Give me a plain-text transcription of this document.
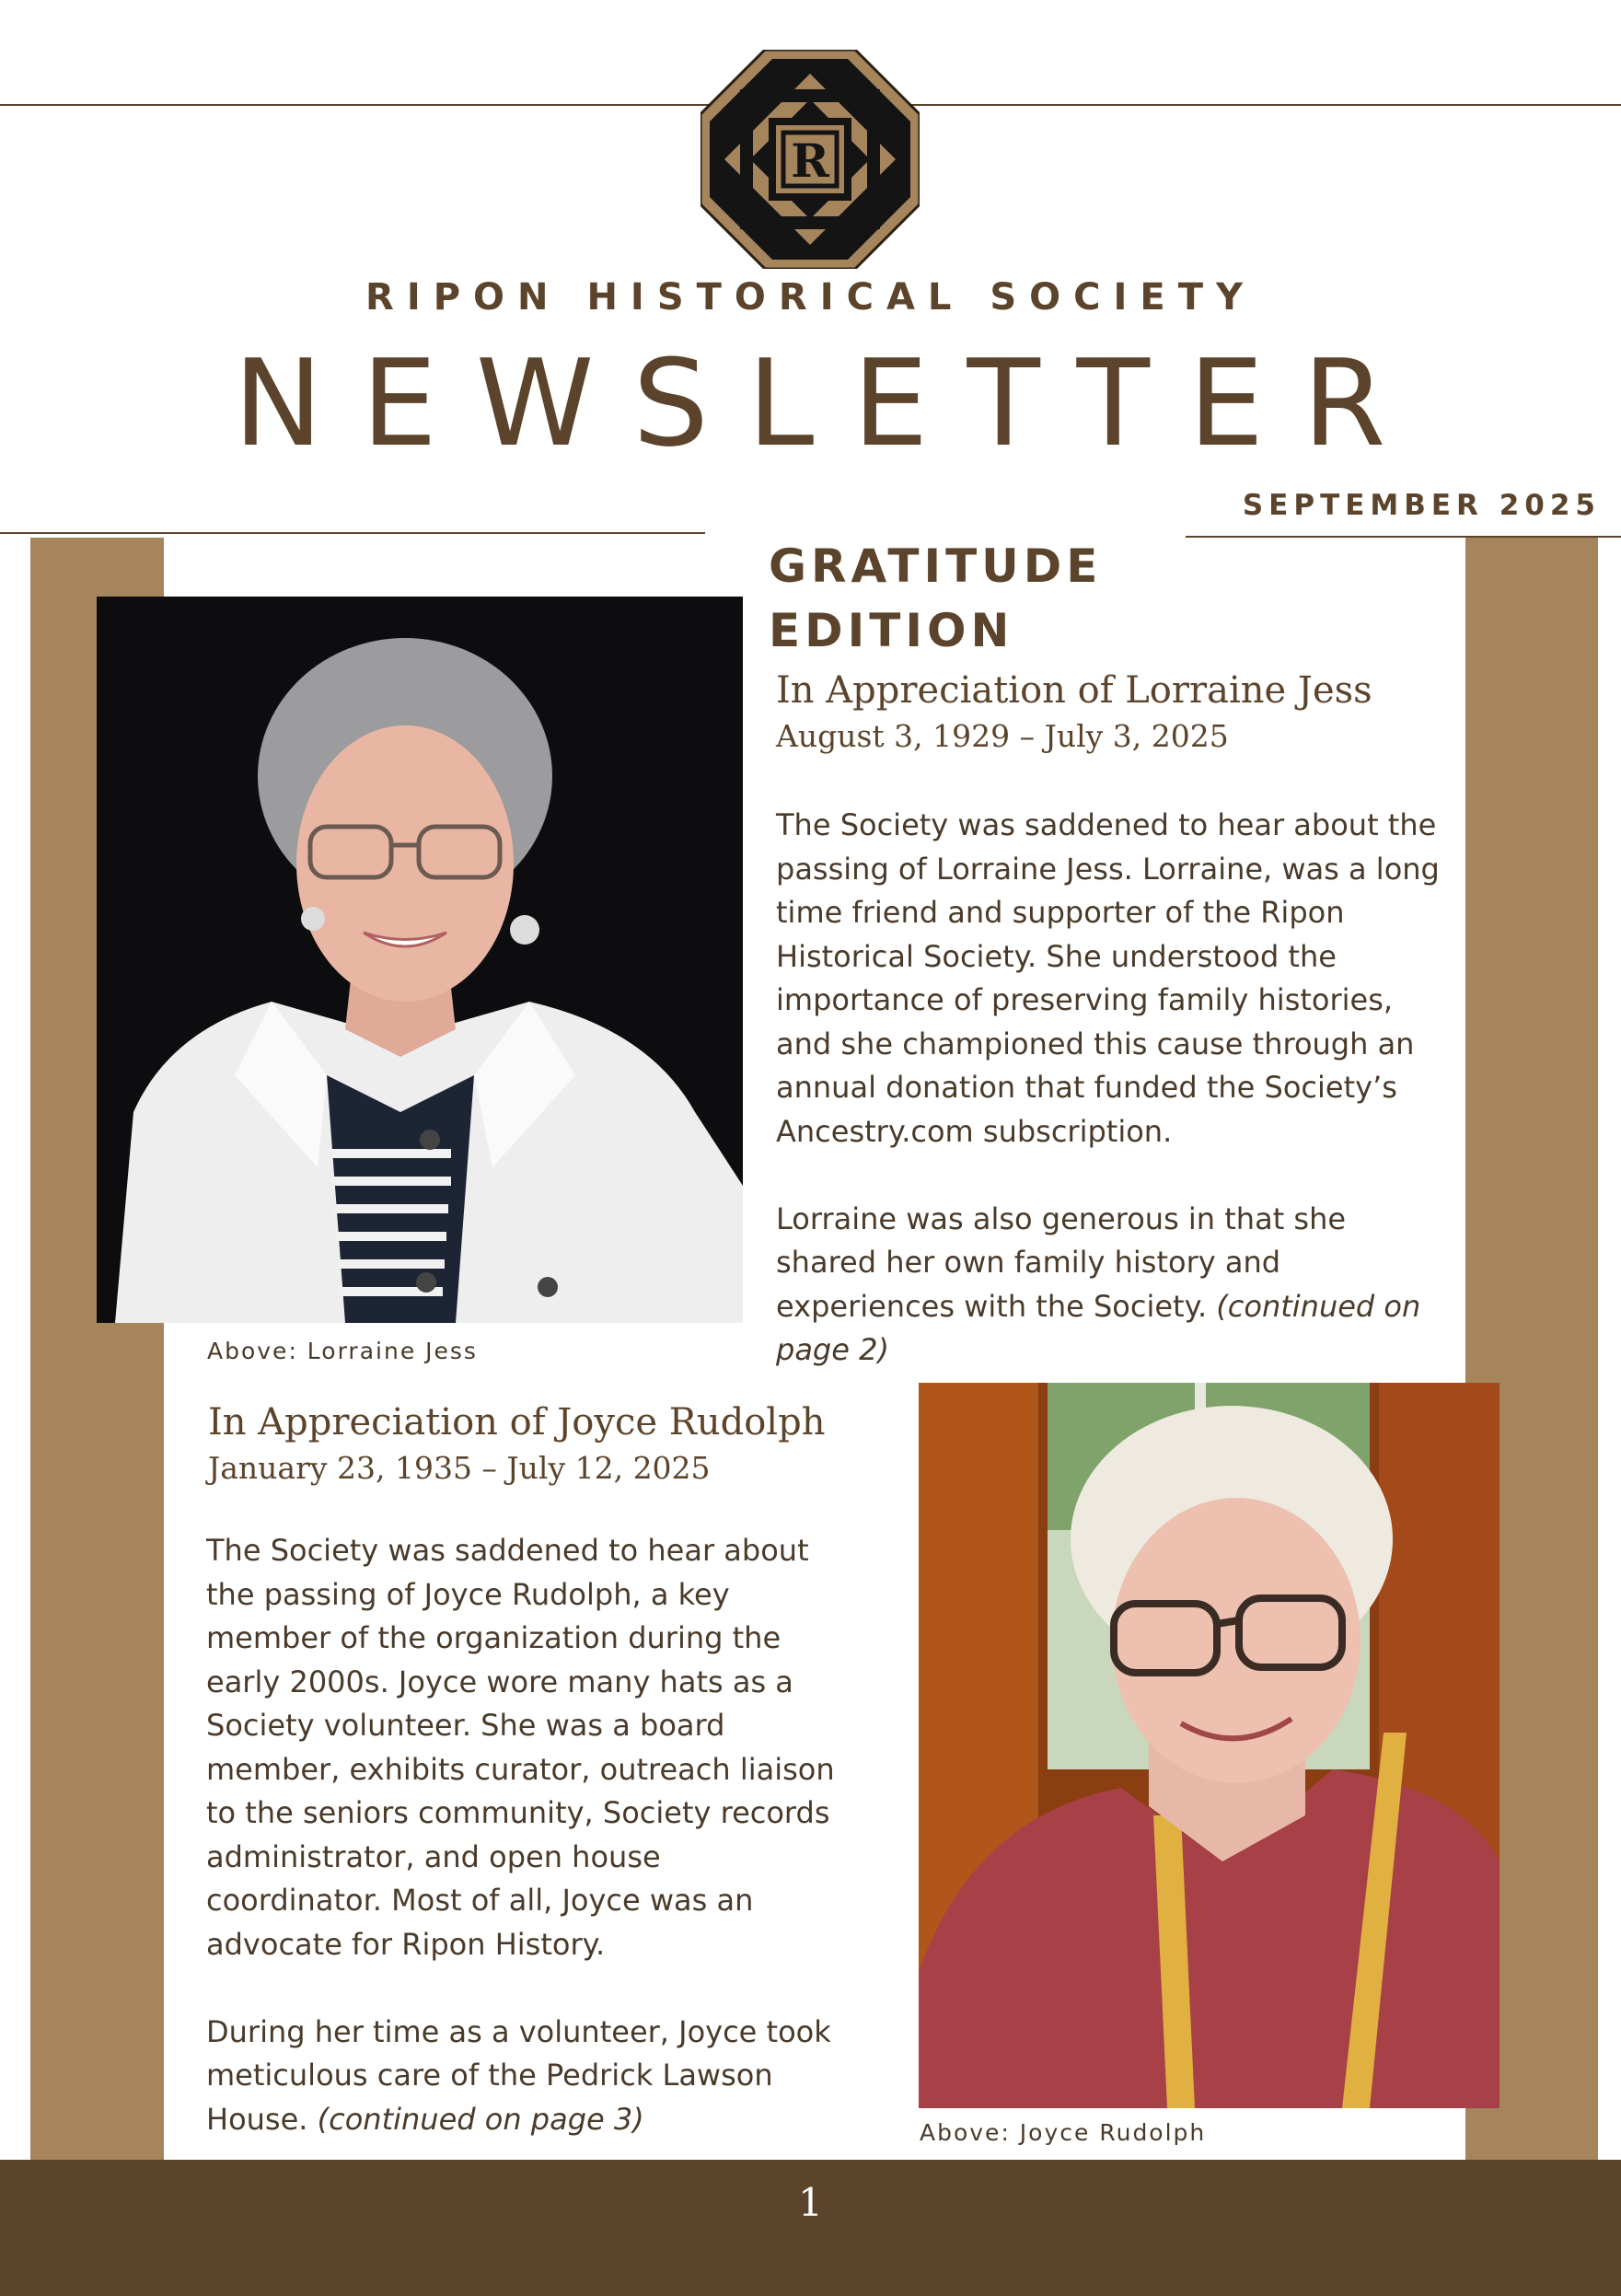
R
RIPON HISTORICAL SOCIETY
NEWSLETTER
SEPTEMBER 2025
GRATITUDE
EDITION
Above: Lorraine Jess
In Appreciation of Lorraine Jess
August 3, 1929 – July 3, 2025

The Society was saddened to hear about the passing of Lorraine Jess. Lorraine, was a long time friend and supporter of the Ripon Historical Society. She understood the importance of preserving family histories, and she championed this cause through an annual donation that funded the Society’s Ancestry.com subscription.

Lorraine was also generous in that she shared her own family history and experiences with the Society. (continued on page 2)

In Appreciation of Joyce Rudolph
January 23, 1935 – July 12, 2025

The Society was saddened to hear about the passing of Joyce Rudolph, a key member of the organization during the early 2000s. Joyce wore many hats as a Society volunteer. She was a board member, exhibits curator, outreach liaison to the seniors community, Society records administrator, and open house coordinator. Most of all, Joyce was an advocate for Ripon History.

During her time as a volunteer, Joyce took meticulous care of the Pedrick Lawson House. (continued on page 3)	Above: Joyce Rudolph
1
